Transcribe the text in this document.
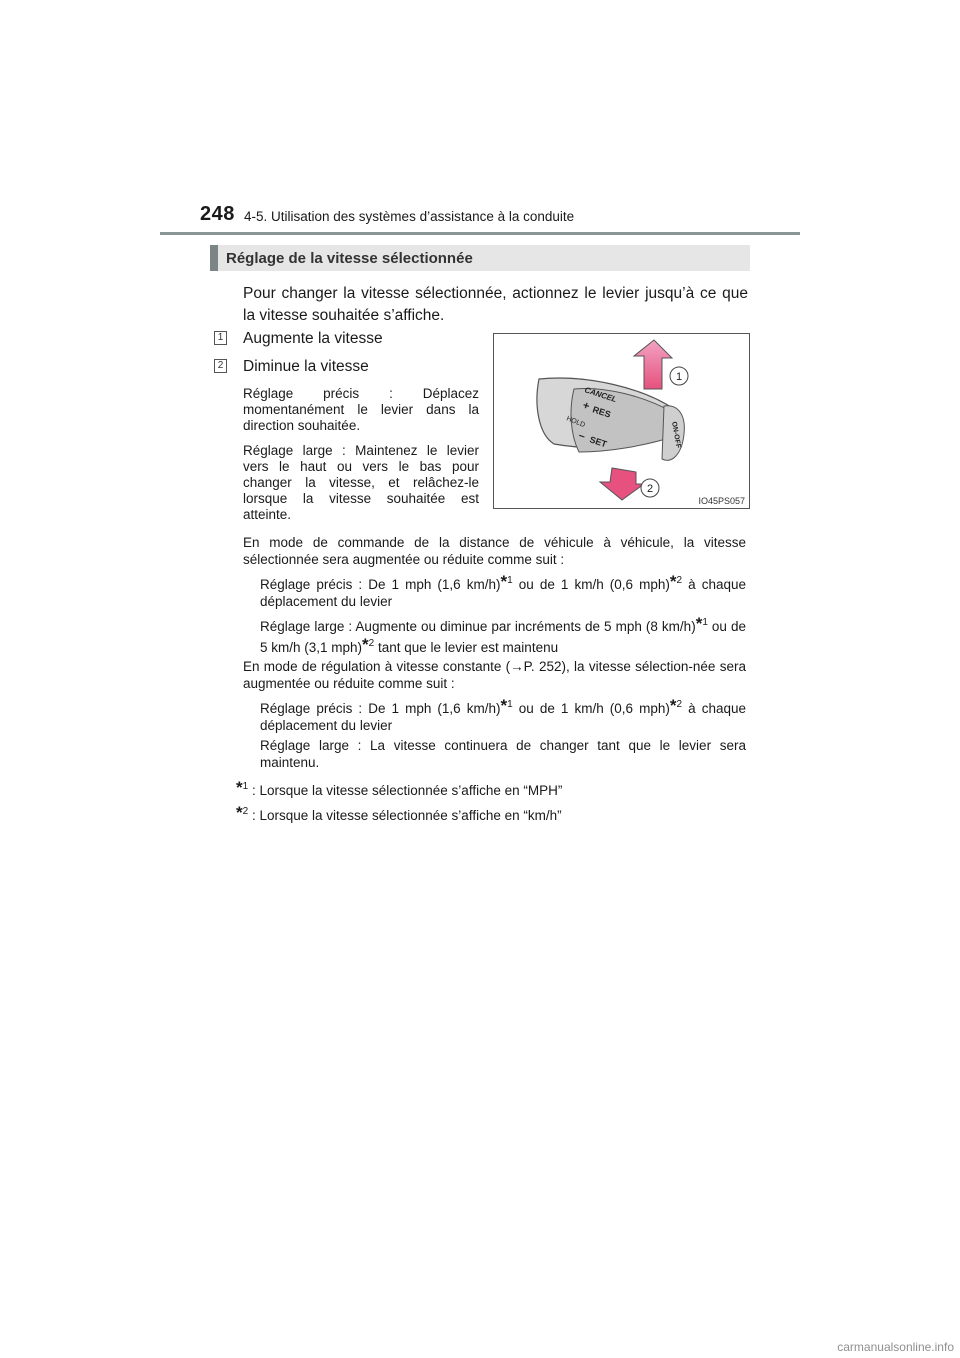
248 4-5. Utilisation des systèmes d’assistance à la conduite
Réglage de la vitesse sélectionnée
Pour changer la vitesse sélectionnée, actionnez le levier jusqu’à ce que la vitesse souhaitée s’affiche.
1 Augmente la vitesse
2 Diminue la vitesse
Réglage précis : Déplacez momentanément le levier dans la direction souhaitée.
Réglage large : Maintenez le levier vers le haut ou vers le bas pour changer la vitesse, et relâchez-le lorsque la vitesse souhaitée est atteinte.
CANCEL
+ RES
HOLD
– SET	ON-OFF
1
2
IO45PS057
En mode de commande de la distance de véhicule à véhicule, la vitesse sélectionnée sera augmentée ou réduite comme suit :
Réglage précis : De 1 mph (1,6 km/h)*$^1$ ou de 1 km/h (0,6 mph)*$^2$ à chaque déplacement du levier
Réglage large : Augmente ou diminue par incréments de 5 mph (8 km/h)*$^1$ ou de 5 km/h (3,1 mph)*$^2$ tant que le levier est maintenu
En mode de régulation à vitesse constante (→P. 252), la vitesse sélection-née sera augmentée ou réduite comme suit :
Réglage précis : De 1 mph (1,6 km/h)*$^1$ ou de 1 km/h (0,6 mph)*$^2$ à chaque déplacement du levier
Réglage large : La vitesse continuera de changer tant que le levier sera maintenu.
*$^1$ : Lorsque la vitesse sélectionnée s’affiche en “MPH”
*$^2$ : Lorsque la vitesse sélectionnée s’affiche en “km/h”
carmanualsonline.info
